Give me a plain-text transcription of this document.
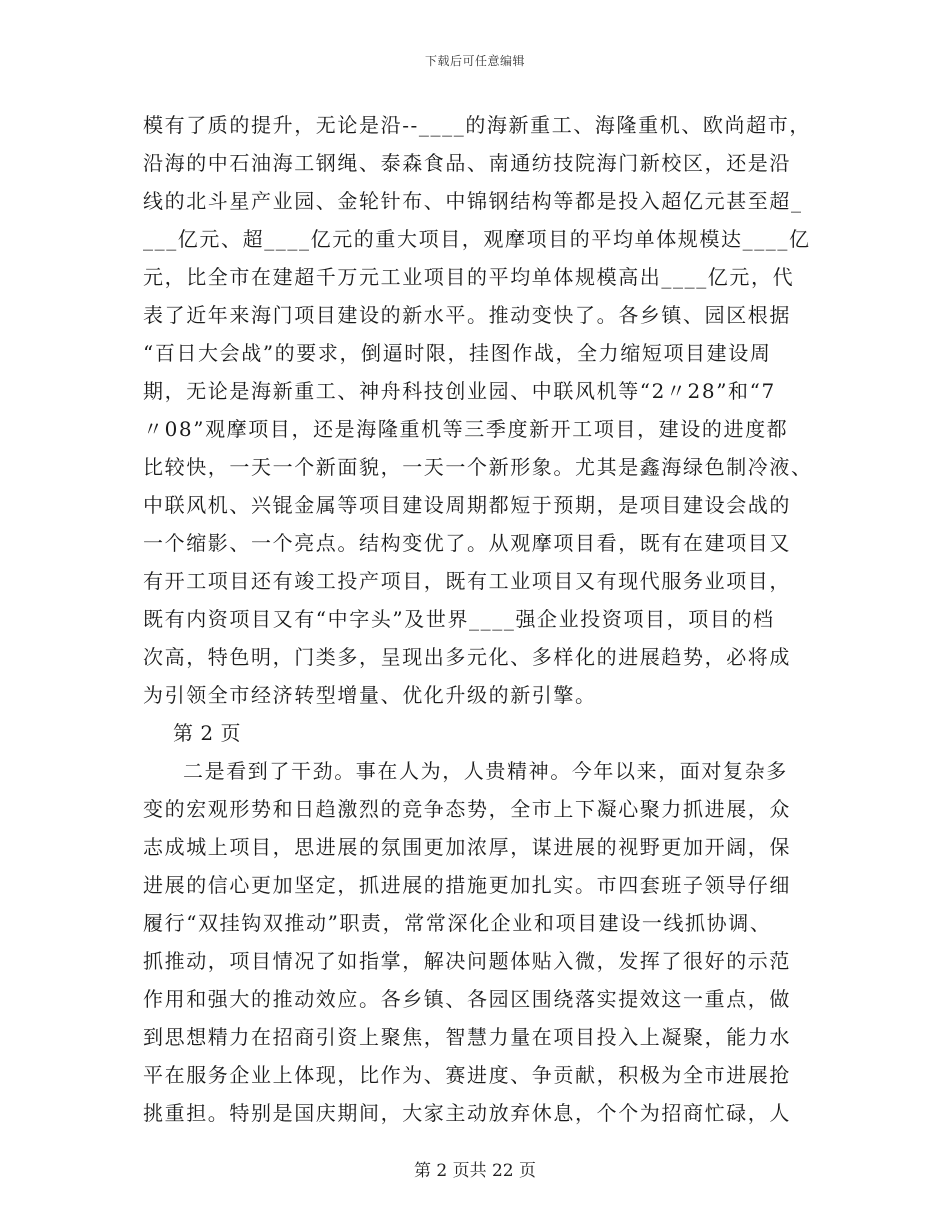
下载后可任意编辑
模有了质的提升，无论是沿--____的海新重工、海隆重机、欧尚超市，
沿海的中石油海工钢绳、泰森食品、南通纺技院海门新校区，还是沿
线的北斗星产业园、金轮针布、中锦钢结构等都是投入超亿元甚至超_
___亿元、超____亿元的重大项目，观摩项目的平均单体规模达____亿
元，比全市在建超千万元工业项目的平均单体规模高出____亿元，代
表了近年来海门项目建设的新水平。推动变快了。各乡镇、园区根据
“百日大会战”的要求，倒逼时限，挂图作战，全力缩短项目建设周
期，无论是海新重工、神舟科技创业园、中联风机等“2〃28”和“7
〃08”观摩项目，还是海隆重机等三季度新开工项目，建设的进度都
比较快，一天一个新面貌，一天一个新形象。尤其是鑫海绿色制冷液、
中联风机、兴锟金属等项目建设周期都短于预期，是项目建设会战的
一个缩影、一个亮点。结构变优了。从观摩项目看，既有在建项目又
有开工项目还有竣工投产项目，既有工业项目又有现代服务业项目，
既有内资项目又有“中字头”及世界____强企业投资项目，项目的档
次高，特色明，门类多，呈现出多元化、多样化的进展趋势，必将成
为引领全市经济转型增量、优化升级的新引擎。
第 2 页
二是看到了干劲。事在人为，人贵精神。今年以来，面对复杂多
变的宏观形势和日趋激烈的竞争态势，全市上下凝心聚力抓进展，众
志成城上项目，思进展的氛围更加浓厚，谋进展的视野更加开阔，保
进展的信心更加坚定，抓进展的措施更加扎实。市四套班子领导仔细
履行“双挂钩双推动”职责，常常深化企业和项目建设一线抓协调、
抓推动，项目情况了如指掌，解决问题体贴入微，发挥了很好的示范
作用和强大的推动效应。各乡镇、各园区围绕落实提效这一重点，做
到思想精力在招商引资上聚焦，智慧力量在项目投入上凝聚，能力水
平在服务企业上体现，比作为、赛进度、争贡献，积极为全市进展抢
挑重担。特别是国庆期间，大家主动放弃休息，个个为招商忙碌，人
第 2 页共 22 页
